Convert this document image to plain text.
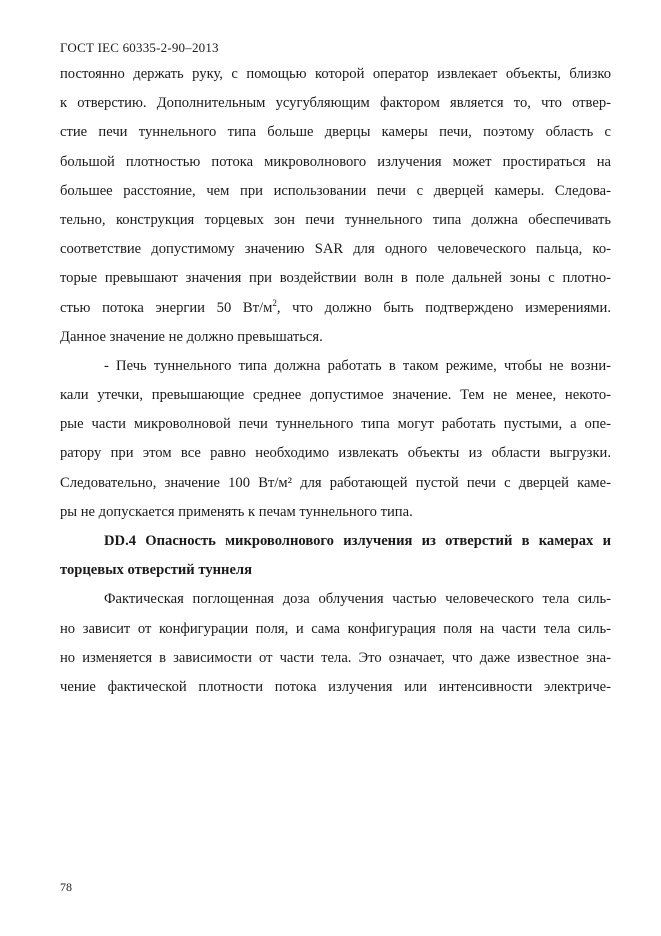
ГОСТ IEC 60335-2-90–2013
постоянно держать руку, с помощью которой оператор извлекает объекты, близко
к отверстию. Дополнительным усугубляющим фактором является то, что отвер-
стие печи туннельного типа больше дверцы камеры печи, поэтому область с
большой плотностью потока микроволнового излучения может простираться на
большее расстояние, чем при использовании печи с дверцей камеры. Следова-
тельно, конструкция торцевых зон печи туннельного типа должна обеспечивать
соответствие допустимому значению SAR для одного человеческого пальца, ко-
торые превышают значения при воздействии волн в поле дальней зоны с плотно-
стью потока энергии 50 $Вт/м^2$, что должно быть подтверждено измерениями.
Данное значение не должно превышаться.
- Печь туннельного типа должна работать в таком режиме, чтобы не возни-
кали утечки, превышающие среднее допустимое значение. Тем не менее, некото-
рые части микроволновой печи туннельного типа могут работать пустыми, а опе-
ратору при этом все равно необходимо извлекать объекты из области выгрузки.
Следовательно, значение 100 Вт/м² для работающей пустой печи с дверцей каме-
ры не допускается применять к печам туннельного типа.
DD.4 Опасность микроволнового излучения из отверстий в камерах и
торцевых отверстий туннеля
Фактическая поглощенная доза облучения частью человеческого тела силь-
но зависит от конфигурации поля, и сама конфигурация поля на части тела силь-
но изменяется в зависимости от части тела. Это означает, что даже известное зна-
чение фактической плотности потока излучения или интенсивности электриче-
78
